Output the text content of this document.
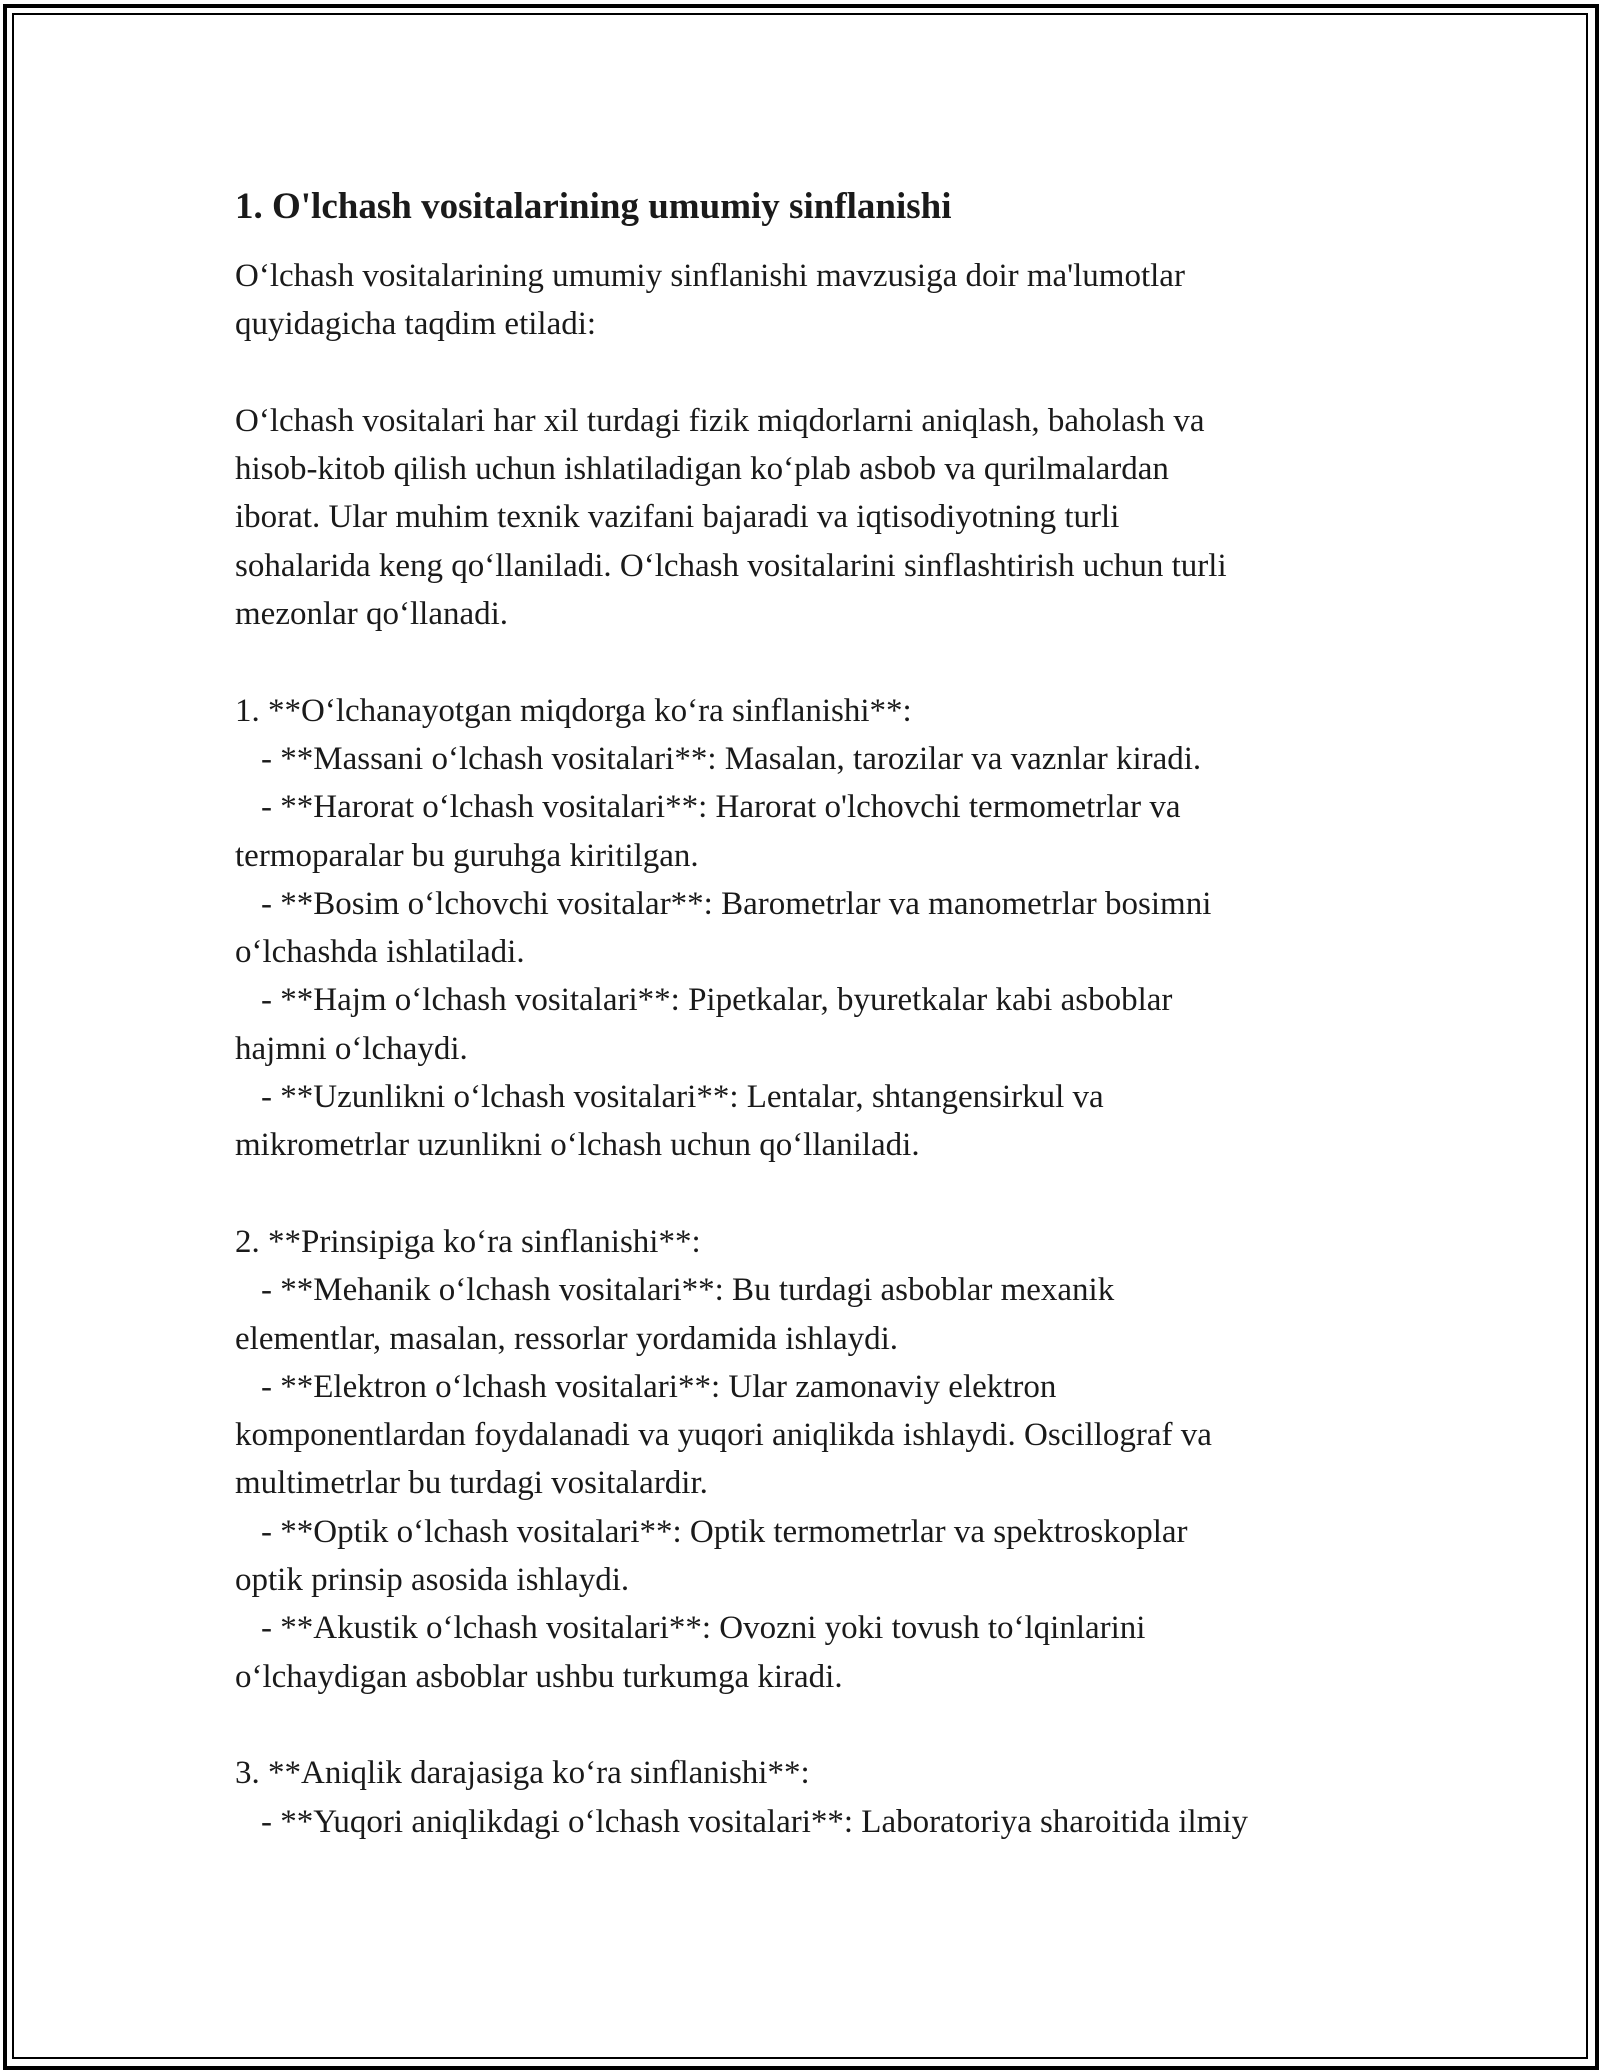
1. O'lchash vositalarining umumiy sinflanishi

O‘lchash vositalarining umumiy sinflanishi mavzusiga doir ma'lumotlar
quyidagicha taqdim etiladi:

O‘lchash vositalari har xil turdagi fizik miqdorlarni aniqlash, baholash va
hisob-kitob qilish uchun ishlatiladigan ko‘plab asbob va qurilmalardan
iborat. Ular muhim texnik vazifani bajaradi va iqtisodiyotning turli
sohalarida keng qo‘llaniladi. O‘lchash vositalarini sinflashtirish uchun turli
mezonlar qo‘llanadi.

1. **O‘lchanayotgan miqdorga ko‘ra sinflanishi**:
- **Massani o‘lchash vositalari**: Masalan, tarozilar va vaznlar kiradi.
- **Harorat o‘lchash vositalari**: Harorat o'lchovchi termometrlar va
termoparalar bu guruhga kiritilgan.
- **Bosim o‘lchovchi vositalar**: Barometrlar va manometrlar bosimni
o‘lchashda ishlatiladi.
- **Hajm o‘lchash vositalari**: Pipetkalar, byuretkalar kabi asboblar
hajmni o‘lchaydi.
- **Uzunlikni o‘lchash vositalari**: Lentalar, shtangensirkul va
mikrometrlar uzunlikni o‘lchash uchun qo‘llaniladi.
2. **Prinsipiga ko‘ra sinflanishi**:
- **Mehanik o‘lchash vositalari**: Bu turdagi asboblar mexanik
elementlar, masalan, ressorlar yordamida ishlaydi.
- **Elektron o‘lchash vositalari**: Ular zamonaviy elektron
komponentlardan foydalanadi va yuqori aniqlikda ishlaydi. Oscillograf va
multimetrlar bu turdagi vositalardir.
- **Optik o‘lchash vositalari**: Optik termometrlar va spektroskoplar
optik prinsip asosida ishlaydi.
- **Akustik o‘lchash vositalari**: Ovozni yoki tovush to‘lqinlarini
o‘lchaydigan asboblar ushbu turkumga kiradi.
3. **Aniqlik darajasiga ko‘ra sinflanishi**:
- **Yuqori aniqlikdagi o‘lchash vositalari**: Laboratoriya sharoitida ilmiy
